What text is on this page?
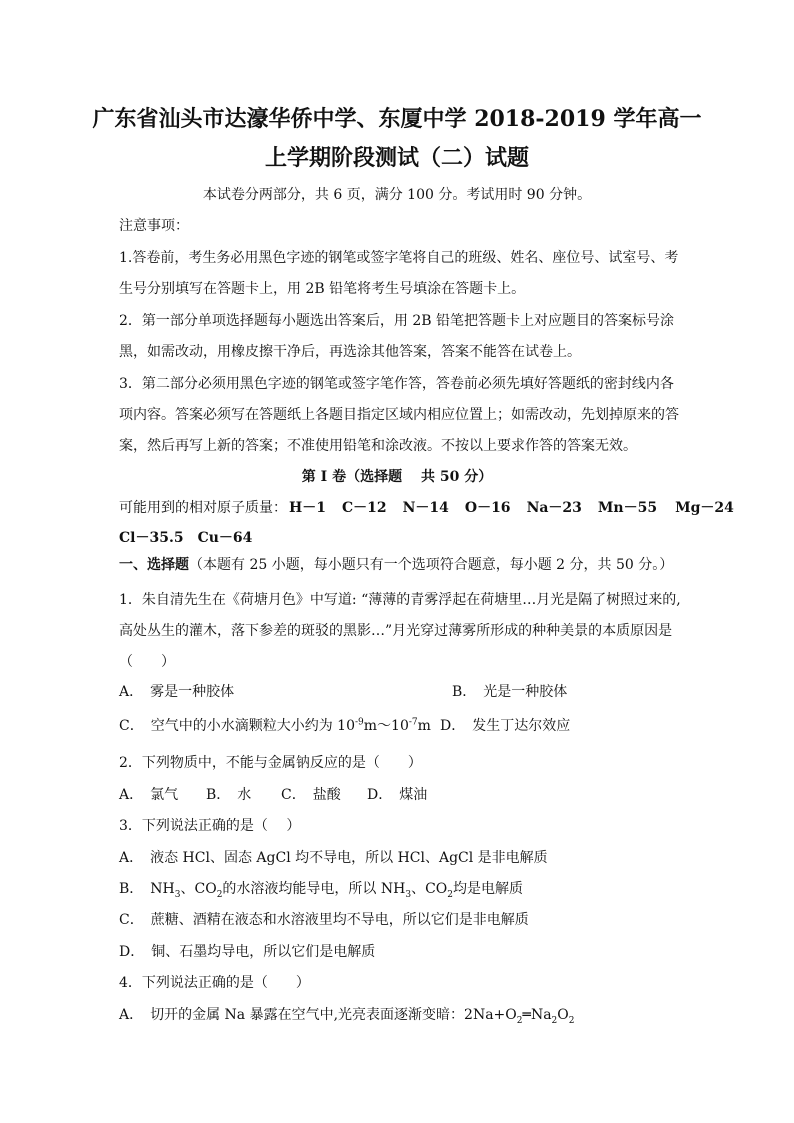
广东省汕头市达濠华侨中学、东厦中学 2018-2019 学年高一
上学期阶段测试（二）试题
本试卷分两部分，共 6 页，满分 100 分。考试用时 90 分钟。
注意事项：
1.答卷前，考生务必用黑色字迹的钢笔或签字笔将自己的班级、姓名、座位号、试室号、考
生号分别填写在答题卡上，用 2B 铅笔将考生号填涂在答题卡上。
2．第一部分单项选择题每小题选出答案后，用 2B 铅笔把答题卡上对应题目的答案标号涂
黑，如需改动，用橡皮擦干净后，再选涂其他答案，答案不能答在试卷上。
3．第二部分必须用黑色字迹的钢笔或签字笔作答，答卷前必须先填好答题纸的密封线内各
项内容。答案必须写在答题纸上各题目指定区域内相应位置上；如需改动，先划掉原来的答
案，然后再写上新的答案；不准使用铅笔和涂改液。不按以上要求作答的答案无效。
第 I 卷（选择题　 共 50 分）
可能用到的相对原子质量： H－1 C－12 N－14 O－16 Na－23 Mn－55 Mg－24
Cl－35.5 Cu－64
一、选择题（本题有 25 小题，每小题只有一个选项符合题意，每小题 2 分，共 50 分。）
1．朱自清先生在《荷塘月色》中写道: “薄薄的青雾浮起在荷塘里…月光是隔了树照过来的,
高处丛生的灌木，落下参差的斑驳的黑影…”月光穿过薄雾所形成的种种美景的本质原因是
（　　）
A．　雾是一种胶体	B．　光是一种胶体
C．　空气中的小水滴颗粒大小约为 $10^{-9}m\sim 10^{-7}m$ D．　发生丁达尔效应
2．下列物质中，不能与金属钠反应的是（　　）
A．　氯气 B．　水 C．　盐酸 D．　煤油
3．下列说法正确的是（　 ）
A．　液态 HCl、固态 AgCl 均不导电，所以 HCl、AgCl 是非电解质
B．　$NH_3$、$CO_2$的水溶液均能导电，所以 $NH_3$、$CO_2$均是电解质
C．　蔗糖、酒精在液态和水溶液里均不导电，所以它们是非电解质
D．　铜、石墨均导电，所以它们是电解质
4．下列说法正确的是（　　）
A．　切开的金属 Na 暴露在空气中,光亮表面逐渐变暗：$2Na+O_2═Na_2O_2$
